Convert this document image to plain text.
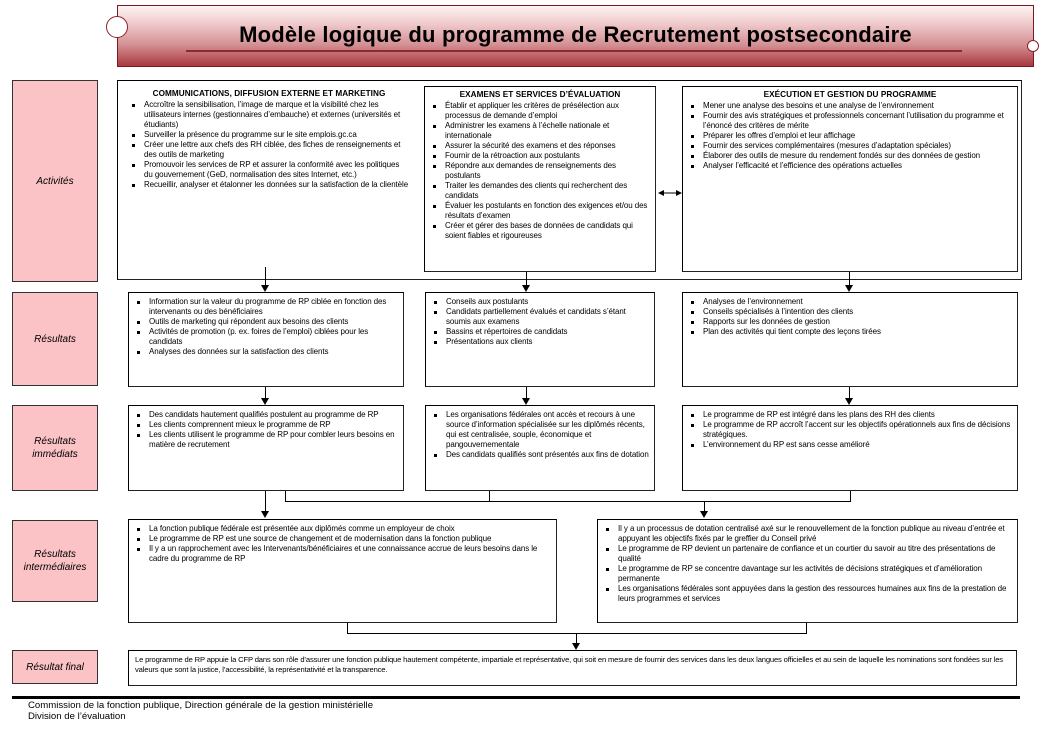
Modèle logique du programme de Recrutement postsecondaire
Activités
Résultats
Résultats immédiats
Résultats intermédiaires
Résultat final
COMMUNICATIONS, DIFFUSION EXTERNE ET MARKETING
Accroître la sensibilisation, l’image de marque et la visibilité chez les utilisateurs internes (gestionnaires d’embauche) et externes (universités et étudiants)
Surveiller la présence du programme sur le site emplois.gc.ca
Créer une lettre aux chefs des RH ciblée, des fiches de renseignements et des outils de marketing
Promouvoir les services de RP et assurer la conformité avec les politiques du gouvernement (GeD, normalisation des sites Internet, etc.)
Recueillir, analyser et étalonner les données sur la satisfaction de la clientèle
EXAMENS ET SERVICES D’ÉVALUATION
Établir et appliquer les critères de présélection aux processus de demande d’emploi
Administrer les examens à l’échelle nationale et internationale
Assurer la sécurité des examens et des réponses
Fournir de la rétroaction aux postulants
Répondre aux demandes de renseignements des postulants
Traiter les demandes des clients qui recherchent des candidats
Évaluer les postulants en fonction des exigences et/ou des résultats d’examen
Créer et gérer des bases de données de candidats qui soient fiables et rigoureuses
EXÉCUTION ET GESTION DU PROGRAMME
Mener une analyse des besoins et une analyse de l’environnement
Fournir des avis stratégiques et professionnels concernant l’utilisation du programme et l’énoncé des critères de mérite
Préparer les offres d’emploi et leur affichage
Fournir des services complémentaires (mesures d’adaptation spéciales)
Élaborer des outils de mesure du rendement fondés sur des données de gestion
Analyser l’efficacité et l’efficience des opérations actuelles
Information sur la valeur du programme de RP ciblée en fonction des intervenants ou des bénéficiaires
Outils de marketing qui répondent aux besoins des clients
Activités de promotion (p. ex. foires de l’emploi) ciblées pour les candidats
Analyses des données sur la satisfaction des clients
Conseils aux postulants
Candidats partiellement évalués et candidats s’étant soumis aux examens
Bassins et répertoires de candidats
Présentations aux clients
Analyses de l’environnement
Conseils spécialisés à l’intention des clients
Rapports sur les données de gestion
Plan des activités qui tient compte des leçons tirées
Des candidats hautement qualifiés postulent au programme de RP
Les clients comprennent mieux le programme de RP
Les clients utilisent le programme de RP pour combler leurs besoins en matière de recrutement
Les organisations fédérales ont accès et recours à une source d’information spécialisée sur les diplômés récents, qui est centralisée, souple, économique et pangouvernementale
Des candidats qualifiés sont présentés aux fins de dotation
Le programme de RP est intégré dans les plans des RH des clients
Le programme de RP accroît l’accent sur les objectifs opérationnels aux fins de décisions stratégiques.
L’environnement du RP est sans cesse amélioré
La fonction publique fédérale est présentée aux diplômés comme un employeur de choix
Le programme de RP est une source de changement et de modernisation dans la fonction publique
Il y a un rapprochement avec les Intervenants/bénéficiaires et une connaissance accrue de leurs besoins dans le cadre du programme de RP
Il y a un processus de dotation centralisé axé sur le renouvellement de la fonction publique au niveau d’entrée et appuyant les objectifs fixés par le greffier du Conseil privé
Le programme de RP devient un partenaire de confiance et un courtier du savoir au titre des présentations de qualité
Le programme de RP se concentre davantage sur les activités de décisions stratégiques et d’amélioration permanente
Les organisations fédérales sont appuyées dans la gestion des ressources humaines aux fins de la prestation de leurs programmes et services
Le programme de RP appuie la CFP dans son rôle d’assurer une fonction publique hautement compétente, impartiale et représentative, qui soit en mesure de fournir des services dans les deux langues officielles et au sein de laquelle les nominations sont fondées sur les valeurs que sont la justice, l’accessibilité, la représentativité et la transparence.
Commission de la fonction publique, Direction générale de la gestion ministérielle
Division de l’évaluation
